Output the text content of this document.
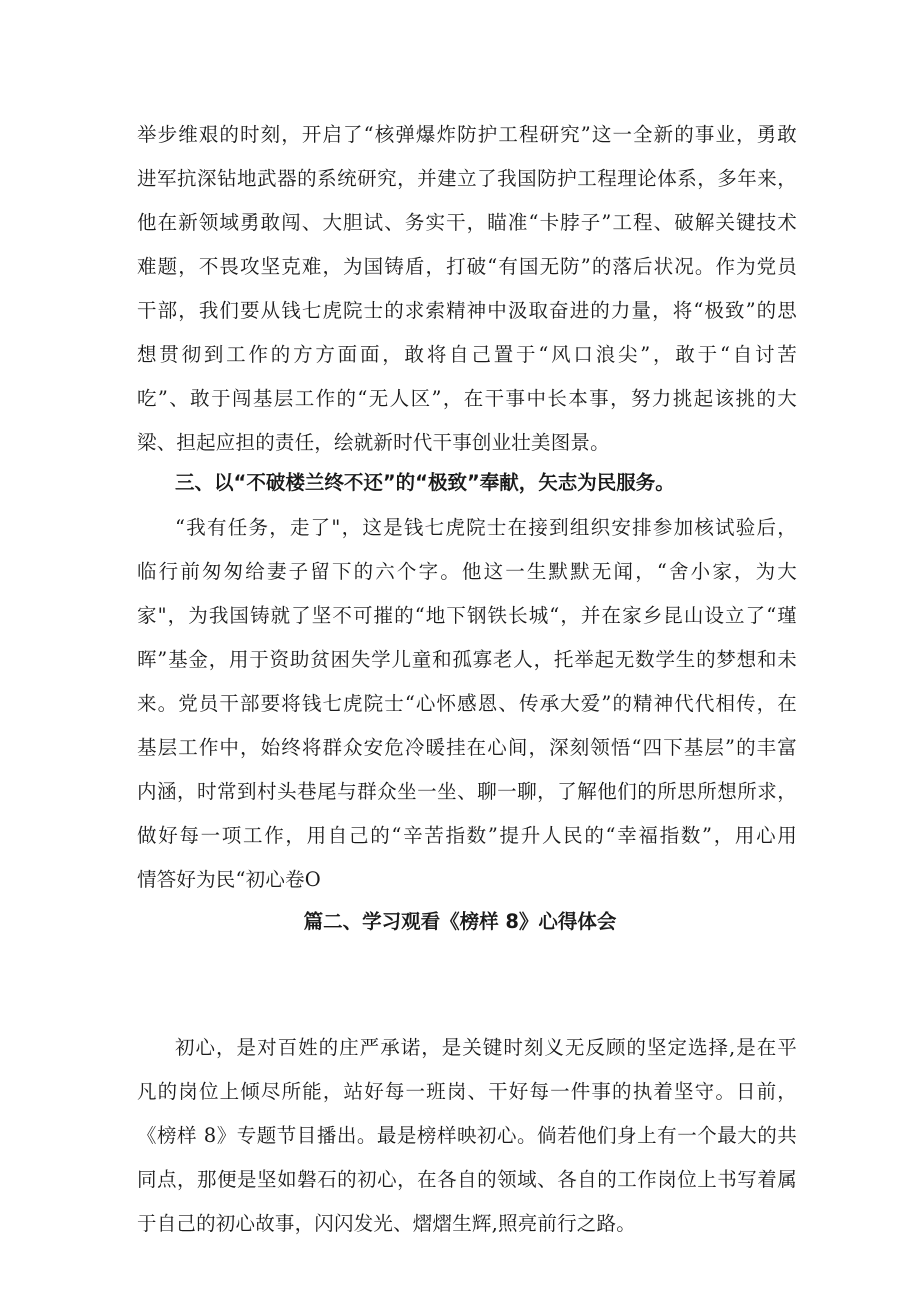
举步维艰的时刻，开启了“核弹爆炸防护工程研究”这一全新的事业，勇敢
进军抗深钻地武器的系统研究，并建立了我国防护工程理论体系，多年来，
他在新领域勇敢闯、大胆试、务实干，瞄准“卡脖子”工程、破解关键技术
难题，不畏攻坚克难，为国铸盾，打破“有国无防”的落后状况。作为党员
干部，我们要从钱七虎院士的求索精神中汲取奋进的力量，将“极致”的思
想贯彻到工作的方方面面，敢将自己置于“风口浪尖”，敢于“自讨苦
吃”、敢于闯基层工作的“无人区”，在干事中长本事，努力挑起该挑的大
梁、担起应担的责任，绘就新时代干事创业壮美图景。
三、以“不破楼兰终不还”的“极致”奉献，矢志为民服务。
“我有任务，走了"，这是钱七虎院士在接到组织安排参加核试验后，
临行前匆匆给妻子留下的六个字。他这一生默默无闻，“舍小家，为大
家"，为我国铸就了坚不可摧的“地下钢铁长城“，并在家乡昆山设立了“瑾
晖”基金，用于资助贫困失学儿童和孤寡老人，托举起无数学生的梦想和未
来。党员干部要将钱七虎院士“心怀感恩、传承大爱”的精神代代相传，在
基层工作中，始终将群众安危冷暖挂在心间，深刻领悟“四下基层”的丰富
内涵，时常到村头巷尾与群众坐一坐、聊一聊，了解他们的所思所想所求，
做好每一项工作，用自己的“辛苦指数”提升人民的“幸福指数”，用心用
情答好为民“初心卷O
篇二、学习观看《榜样 8》心得体会
初心，是对百姓的庄严承诺，是关键时刻义无反顾的坚定选择,是在平
凡的岗位上倾尽所能，站好每一班岗、干好每一件事的执着坚守。日前，
《榜样 8》专题节目播出。最是榜样映初心。倘若他们身上有一个最大的共
同点，那便是坚如磐石的初心，在各自的领域、各自的工作岗位上书写着属
于自己的初心故事，闪闪发光、熠熠生辉,照亮前行之路。
